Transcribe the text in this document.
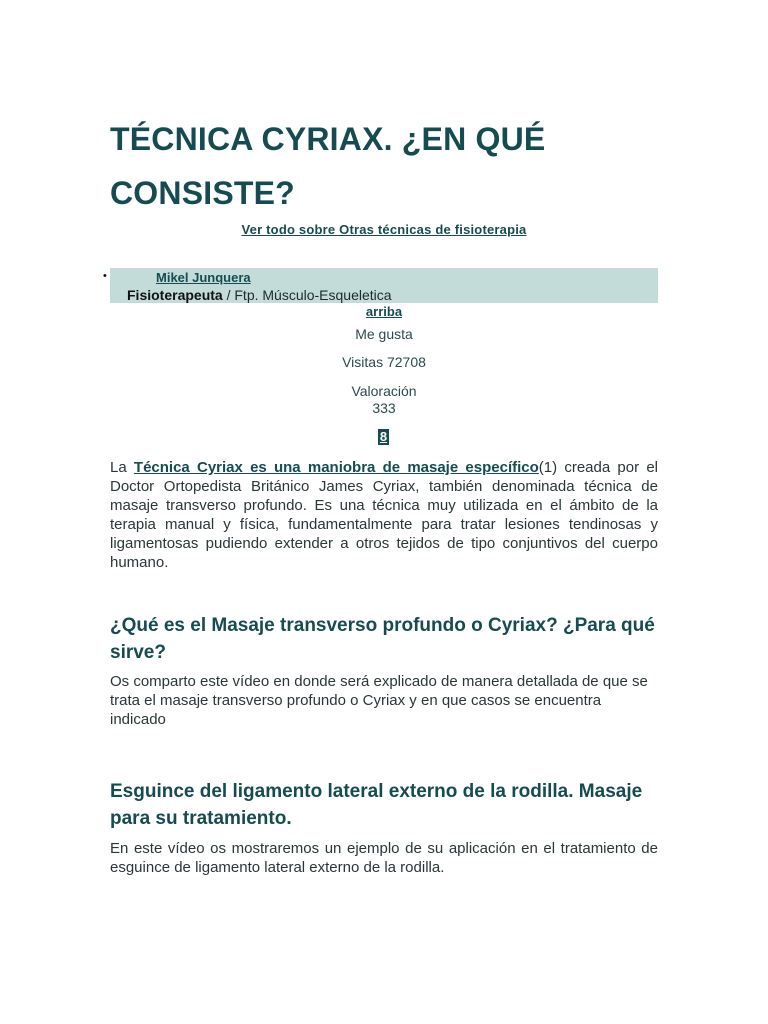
•
TÉCNICA CYRIAX. ¿EN QUÉ CONSISTE?
Ver todo sobre Otras técnicas de fisioterapia
Mikel Junquera
Fisioterapeuta / Ftp. Músculo-Esqueletica
arriba
Me gusta
Visitas 72708
Valoración
333
8

La Técnica Cyriax es una maniobra de masaje específico(1) creada por el Doctor Ortopedista Británico James Cyriax, también denominada técnica de masaje transverso profundo. Es una técnica muy utilizada en el ámbito de la terapia manual y física, fundamentalmente para tratar lesiones tendinosas y ligamentosas pudiendo extender a otros tejidos de tipo conjuntivos del cuerpo humano.

¿Qué es el Masaje transverso profundo o Cyriax? ¿Para qué sirve?

Os comparto este vídeo en donde será explicado de manera detallada de que se trata el masaje transverso profundo o Cyriax y en que casos se encuentra indicado

Esguince del ligamento lateral externo de la rodilla. Masaje para su tratamiento.

En este vídeo os mostraremos un ejemplo de su aplicación en el tratamiento de esguince de ligamento lateral externo de la rodilla.
